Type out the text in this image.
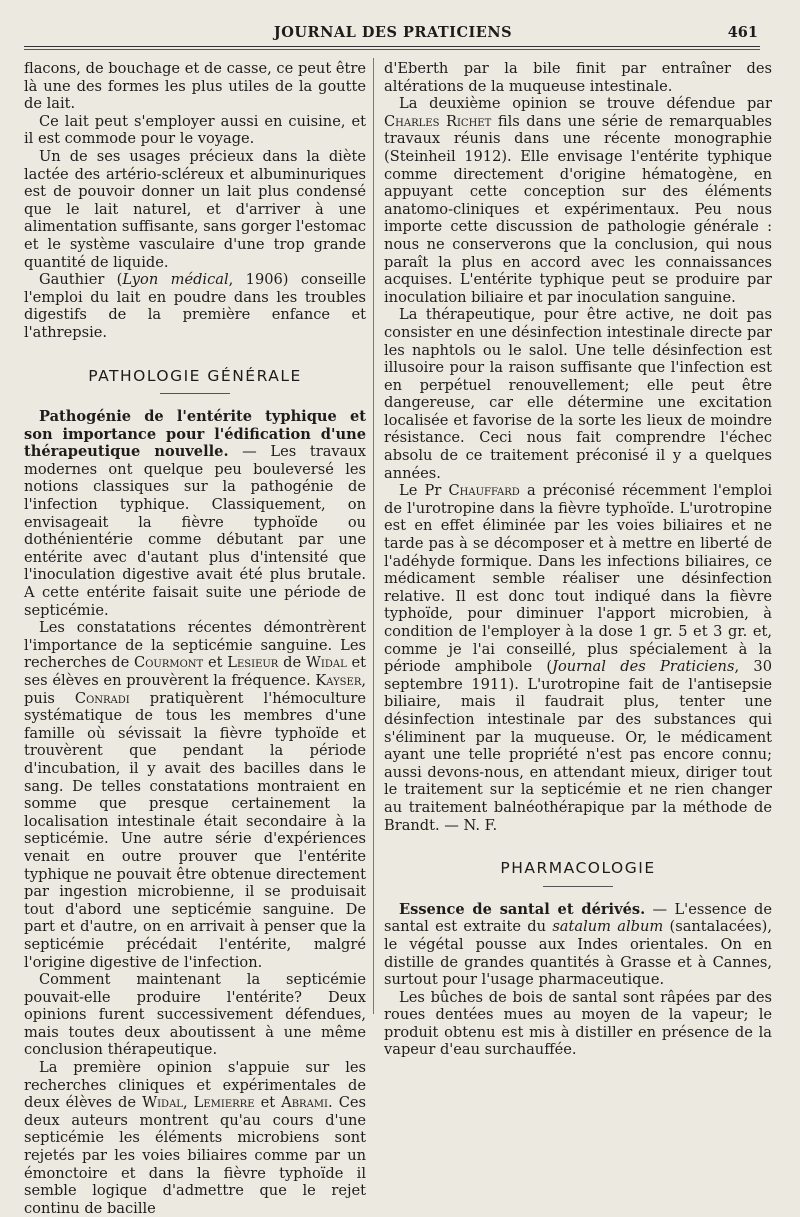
JOURNAL DES PRATICIENS	461

flacons, de bouchage et de casse, ce peut être là une des formes les plus utiles de la goutte de lait.

Ce lait peut s'employer aussi en cuisine, et il est commode pour le voyage.

Un de ses usages précieux dans la diète lactée des artério-scléreux et albuminuriques est de pouvoir donner un lait plus condensé que le lait naturel, et d'arriver à une alimentation suffisante, sans gorger l'estomac et le système vasculaire d'une trop grande quantité de liquide.

Gauthier (Lyon médical, 1906) conseille l'emploi du lait en poudre dans les troubles digestifs de la première enfance et l'athrepsie.

PATHOLOGIE GÉNÉRALE

Pathogénie de l'entérite typhique et son importance pour l'édification d'une thérapeutique nouvelle. — Les travaux modernes ont quelque peu bouleversé les notions classiques sur la pathogénie de l'infection typhique. Classiquement, on envisageait la fièvre typhoïde ou dothénientérie comme débutant par une entérite avec d'autant plus d'intensité que l'inoculation digestive avait été plus brutale. A cette entérite faisait suite une période de septicémie.

Les constatations récentes démontrèrent l'importance de la septicémie sanguine. Les recherches de Courmont et Lesieur de Widal et ses élèves en prouvèrent la fréquence. Kayser, puis Conradi pratiquèrent l'hémoculture systématique de tous les membres d'une famille où sévissait la fièvre typhoïde et trouvèrent que pendant la période d'incubation, il y avait des bacilles dans le sang. De telles constatations montraient en somme que presque certainement la localisation intestinale était secondaire à la septicémie. Une autre série d'expériences venait en outre prouver que l'entérite typhique ne pouvait être obtenue directement par ingestion microbienne, il se produisait tout d'abord une septicémie sanguine. De part et d'autre, on en arrivait à penser que la septicémie précédait l'entérite, malgré l'origine digestive de l'infection.

Comment maintenant la septicémie pouvait-elle produire l'entérite? Deux opinions furent successivement défendues, mais toutes deux aboutissent à une même conclusion thérapeutique.

La première opinion s'appuie sur les recherches cliniques et expérimentales de deux élèves de Widal, Lemierre et Abrami. Ces deux auteurs montrent qu'au cours d'une septicémie les éléments microbiens sont rejetés par les voies biliaires comme par un émonctoire et dans la fièvre typhoïde il semble logique d'admettre que le rejet continu de bacille

d'Eberth par la bile finit par entraîner des altérations de la muqueuse intestinale.

La deuxième opinion se trouve défendue par Charles Richet fils dans une série de remarquables travaux réunis dans une récente monographie (Steinheil 1912). Elle envisage l'entérite typhique comme directement d'origine hématogène, en appuyant cette conception sur des éléments anatomo-cliniques et expérimentaux. Peu nous importe cette discussion de pathologie générale : nous ne conserverons que la conclusion, qui nous paraît la plus en accord avec les connaissances acquises. L'entérite typhique peut se produire par inoculation biliaire et par inoculation sanguine.

La thérapeutique, pour être active, ne doit pas consister en une désinfection intestinale directe par les naphtols ou le salol. Une telle désinfection est illusoire pour la raison suffisante que l'infection est en perpétuel renouvellement; elle peut être dangereuse, car elle détermine une excitation localisée et favorise de la sorte les lieux de moindre résistance. Ceci nous fait comprendre l'échec absolu de ce traitement préconisé il y a quelques années.

Le Pr Chauffard a préconisé récemment l'emploi de l'urotropine dans la fièvre typhoïde. L'urotropine est en effet éliminée par les voies biliaires et ne tarde pas à se décomposer et à mettre en liberté de l'adéhyde formique. Dans les infections biliaires, ce médicament semble réaliser une désinfection relative. Il est donc tout indiqué dans la fièvre typhoïde, pour diminuer l'apport microbien, à condition de l'employer à la dose 1 gr. 5 et 3 gr. et, comme je l'ai conseillé, plus spécialement à la période amphibole (Journal des Praticiens, 30 septembre 1911). L'urotropine fait de l'antisepsie biliaire, mais il faudrait plus, tenter une désinfection intestinale par des substances qui s'éliminent par la muqueuse. Or, le médicament ayant une telle propriété n'est pas encore connu; aussi devons-nous, en attendant mieux, diriger tout le traitement sur la septicémie et ne rien changer au traitement balnéothérapique par la méthode de Brandt. — N. F.

PHARMACOLOGIE

Essence de santal et dérivés. — L'essence de santal est extraite du satalum album (santalacées), le végétal pousse aux Indes orientales. On en distille de grandes quantités à Grasse et à Cannes, surtout pour l'usage pharmaceutique.

Les bûches de bois de santal sont râpées par des roues dentées mues au moyen de la vapeur; le produit obtenu est mis à distiller en présence de la vapeur d'eau surchauffée.
